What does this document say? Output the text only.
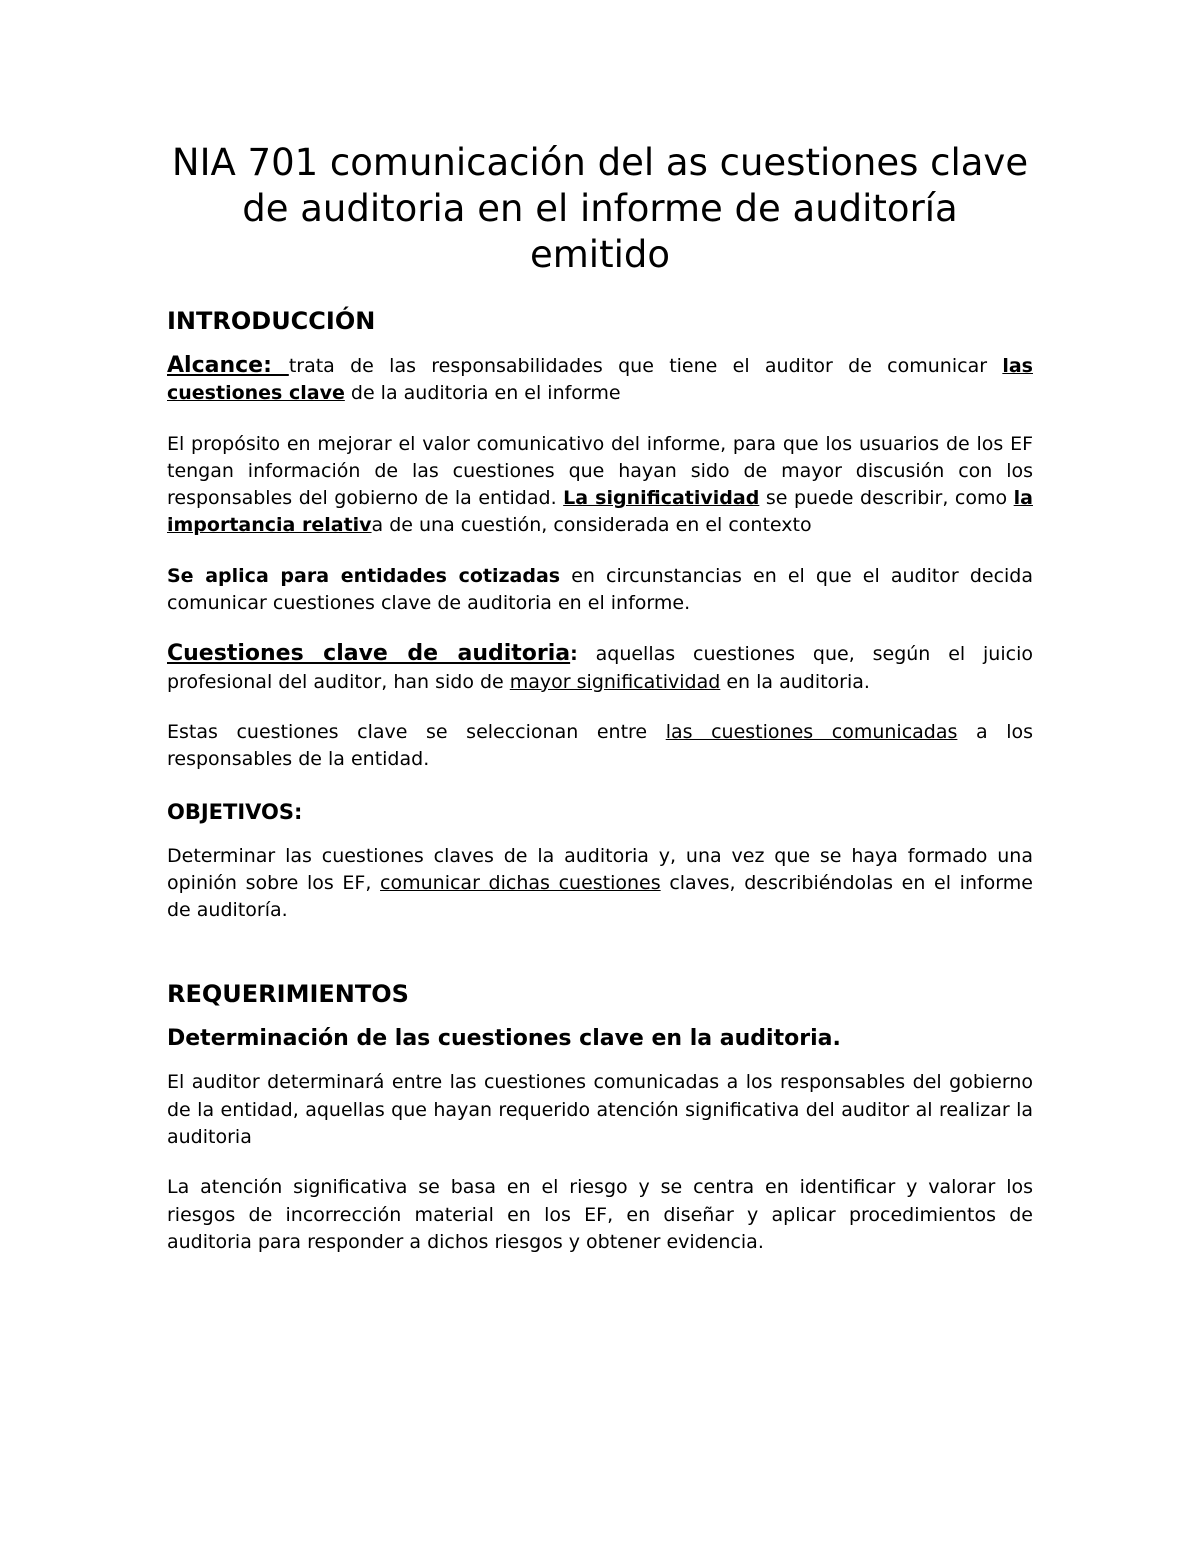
NIA 701 comunicación del as cuestiones clave de auditoria en el informe de auditoría emitido
INTRODUCCIÓN

Alcance: trata de las responsabilidades que tiene el auditor de comunicar las cuestiones clave de la auditoria en el informe

El propósito en mejorar el valor comunicativo del informe, para que los usuarios de los EF tengan información de las cuestiones que hayan sido de mayor discusión con los responsables del gobierno de la entidad. La significatividad se puede describir, como la importancia relativa de una cuestión, considerada en el contexto

Se aplica para entidades cotizadas en circunstancias en el que el auditor decida comunicar cuestiones clave de auditoria en el informe.

Cuestiones clave de auditoria: aquellas cuestiones que, según el juicio profesional del auditor, han sido de mayor significatividad en la auditoria.

Estas cuestiones clave se seleccionan entre las cuestiones comunicadas a los responsables de la entidad.

OBJETIVOS:

Determinar las cuestiones claves de la auditoria y, una vez que se haya formado una opinión sobre los EF, comunicar dichas cuestiones claves, describiéndolas en el informe de auditoría.

REQUERIMIENTOS
Determinación de las cuestiones clave en la auditoria.

El auditor determinará entre las cuestiones comunicadas a los responsables del gobierno de la entidad, aquellas que hayan requerido atención significativa del auditor al realizar la auditoria

La atención significativa se basa en el riesgo y se centra en identificar y valorar los riesgos de incorrección material en los EF, en diseñar y aplicar procedimientos de auditoria para responder a dichos riesgos y obtener evidencia.
